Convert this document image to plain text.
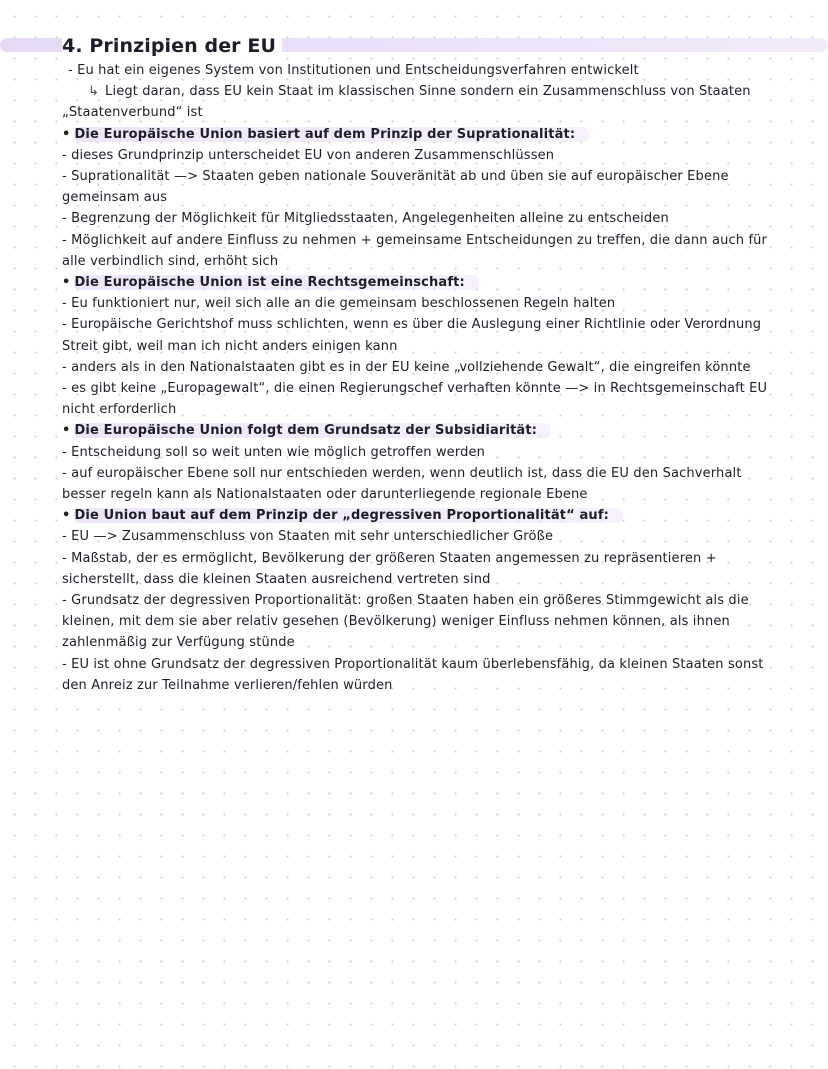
4. Prinzipien der EU
- Eu hat ein eigenes System von Institutionen und Entscheidungsverfahren entwickelt
↳ Liegt daran, dass EU kein Staat im klassischen Sinne sondern ein Zusammenschluss von Staaten
„Staatenverbund“ ist
• Die Europäische Union basiert auf dem Prinzip der Suprationalität:
- dieses Grundprinzip unterscheidet EU von anderen Zusammenschlüssen
- Suprationalität —> Staaten geben nationale Souveränität ab und üben sie auf europäischer Ebene
gemeinsam aus
- Begrenzung der Möglichkeit für Mitgliedsstaaten, Angelegenheiten alleine zu entscheiden
- Möglichkeit auf andere Einfluss zu nehmen + gemeinsame Entscheidungen zu treffen, die dann auch für
alle verbindlich sind, erhöht sich
• Die Europäische Union ist eine Rechtsgemeinschaft:
- Eu funktioniert nur, weil sich alle an die gemeinsam beschlossenen Regeln halten
- Europäische Gerichtshof muss schlichten, wenn es über die Auslegung einer Richtlinie oder Verordnung
Streit gibt, weil man ich nicht anders einigen kann
- anders als in den Nationalstaaten gibt es in der EU keine „vollziehende Gewalt“, die eingreifen könnte
- es gibt keine „Europagewalt“, die einen Regierungschef verhaften könnte —> in Rechtsgemeinschaft EU
nicht erforderlich
• Die Europäische Union folgt dem Grundsatz der Subsidiarität:
- Entscheidung soll so weit unten wie möglich getroffen werden
- auf europäischer Ebene soll nur entschieden werden, wenn deutlich ist, dass die EU den Sachverhalt
besser regeln kann als Nationalstaaten oder darunterliegende regionale Ebene
• Die Union baut auf dem Prinzip der „degressiven Proportionalität“ auf:
- EU —> Zusammenschluss von Staaten mit sehr unterschiedlicher Größe
- Maßstab, der es ermöglicht, Bevölkerung der größeren Staaten angemessen zu repräsentieren +
sicherstellt, dass die kleinen Staaten ausreichend vertreten sind
- Grundsatz der degressiven Proportionalität: großen Staaten haben ein größeres Stimmgewicht als die
kleinen, mit dem sie aber relativ gesehen (Bevölkerung) weniger Einfluss nehmen können, als ihnen
zahlenmäßig zur Verfügung stünde
- EU ist ohne Grundsatz der degressiven Proportionalität kaum überlebensfähig, da kleinen Staaten sonst
den Anreiz zur Teilnahme verlieren/fehlen würden
